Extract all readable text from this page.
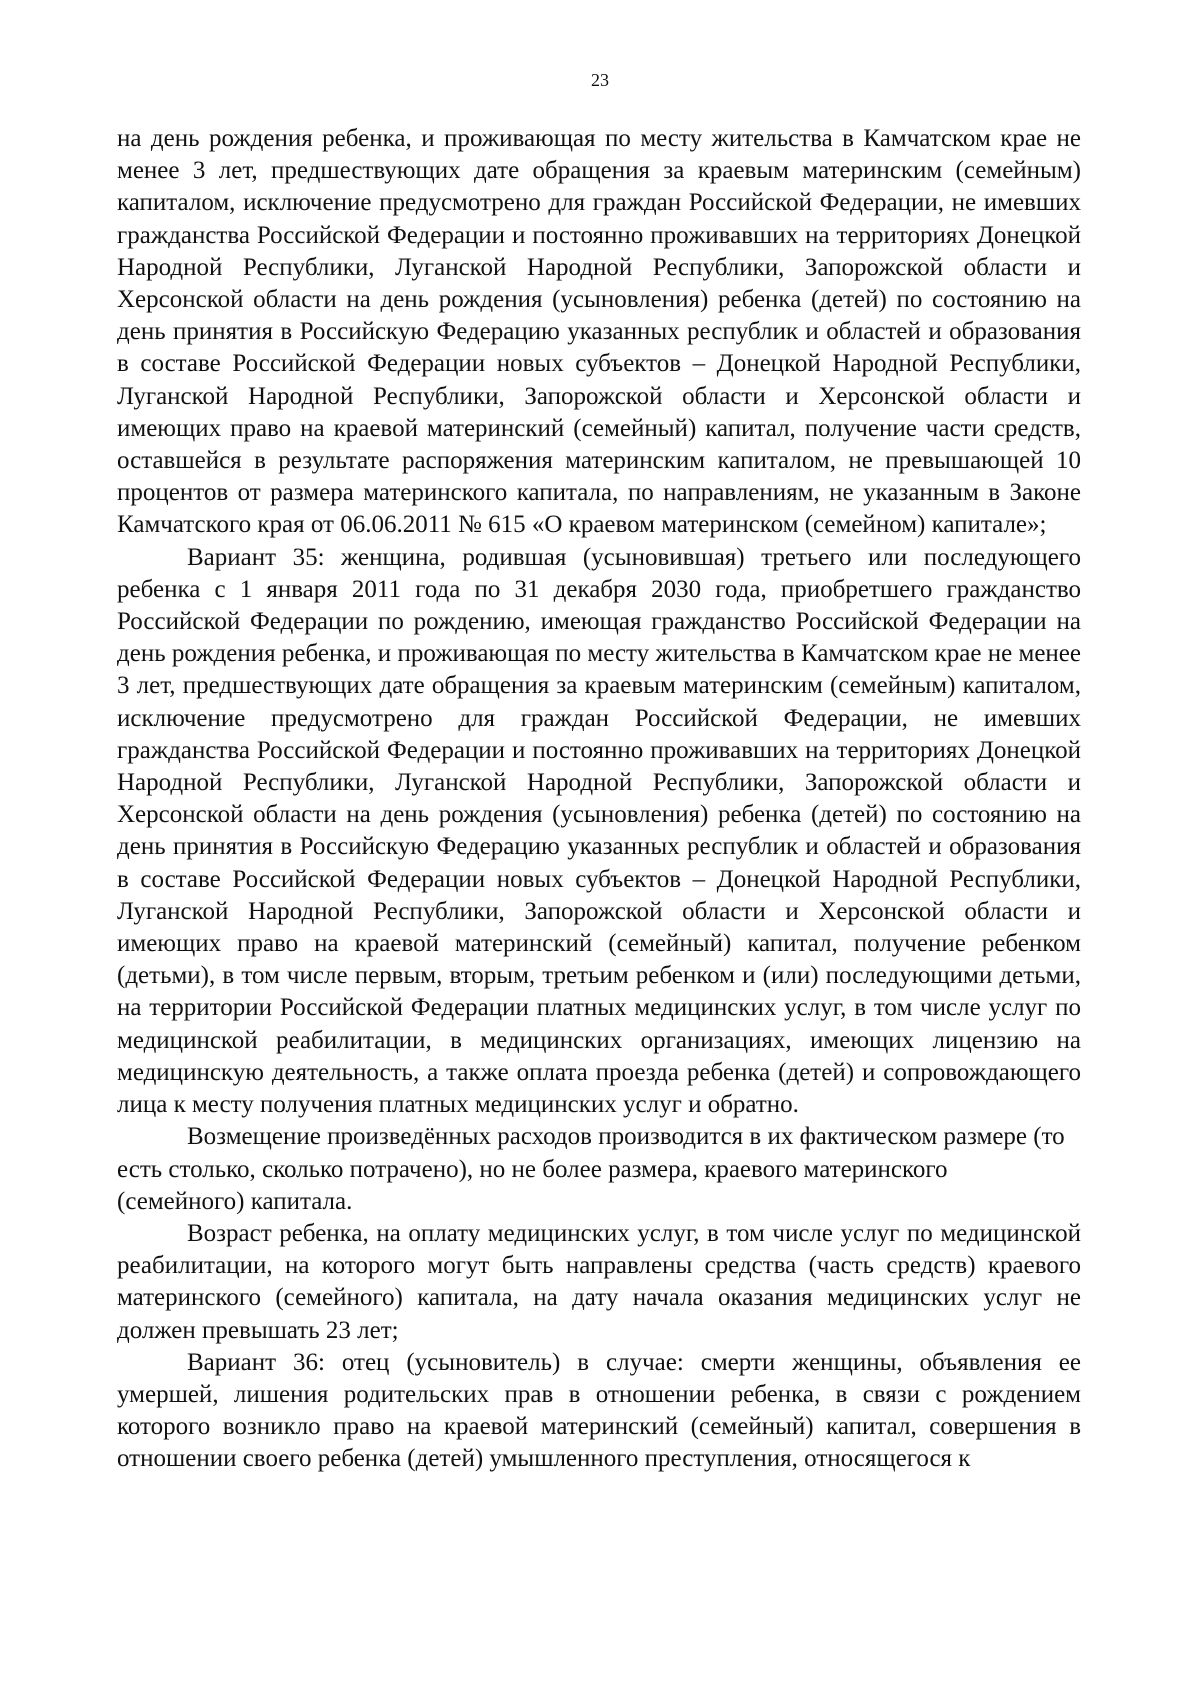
23

на день рождения ребенка, и проживающая по месту жительства в Камчатском крае не менее 3 лет, предшествующих дате обращения за краевым материнским (семейным) капиталом, исключение предусмотрено для граждан Российской Федерации, не имевших гражданства Российской Федерации и постоянно проживавших на территориях Донецкой Народной Республики, Луганской Народной Республики, Запорожской области и Херсонской области на день рождения (усыновления) ребенка (детей) по состоянию на день принятия в Российскую Федерацию указанных республик и областей и образования в составе Российской Федерации новых субъектов – Донецкой Народной Республики, Луганской Народной Республики, Запорожской области и Херсонской области и имеющих право на краевой материнский (семейный) капитал, получение части средств, оставшейся в результате распоряжения материнским капиталом, не превышающей 10 процентов от размера материнского капитала, по направлениям, не указанным в Законе Камчатского края от 06.06.2011 № 615 «О краевом материнском (семейном) капитале»;

Вариант 35: женщина, родившая (усыновившая) третьего или последующего ребенка с 1 января 2011 года по 31 декабря 2030 года, приобретшего гражданство Российской Федерации по рождению, имеющая гражданство Российской Федерации на день рождения ребенка, и проживающая по месту жительства в Камчатском крае не менее 3 лет, предшествующих дате обращения за краевым материнским (семейным) капиталом, исключение предусмотрено для граждан Российской Федерации, не имевших гражданства Российской Федерации и постоянно проживавших на территориях Донецкой Народной Республики, Луганской Народной Республики, Запорожской области и Херсонской области на день рождения (усыновления) ребенка (детей) по состоянию на день принятия в Российскую Федерацию указанных республик и областей и образования в составе Российской Федерации новых субъектов – Донецкой Народной Республики, Луганской Народной Республики, Запорожской области и Херсонской области и имеющих право на краевой материнский (семейный) капитал, получение ребенком (детьми), в том числе первым, вторым, третьим ребенком и (или) последующими детьми, на территории Российской Федерации платных медицинских услуг, в том числе услуг по медицинской реабилитации, в медицинских организациях, имеющих лицензию на медицинскую деятельность, а также оплата проезда ребенка (детей) и сопровождающего лица к месту получения платных медицинских услуг и обратно.

Возмещение произведённых расходов производится в их фактическом размере (то есть столько, сколько потрачено), но не более размера, краевого материнского (семейного) капитала.

Возраст ребенка, на оплату медицинских услуг, в том числе услуг по медицинской реабилитации, на которого могут быть направлены средства (часть средств) краевого материнского (семейного) капитала, на дату начала оказания медицинских услуг не должен превышать 23 лет;

Вариант 36: отец (усыновитель) в случае: смерти женщины, объявления ее умершей, лишения родительских прав в отношении ребенка, в связи с рождением которого возникло право на краевой материнский (семейный) капитал, совершения в отношении своего ребенка (детей) умышленного преступления, относящегося к
